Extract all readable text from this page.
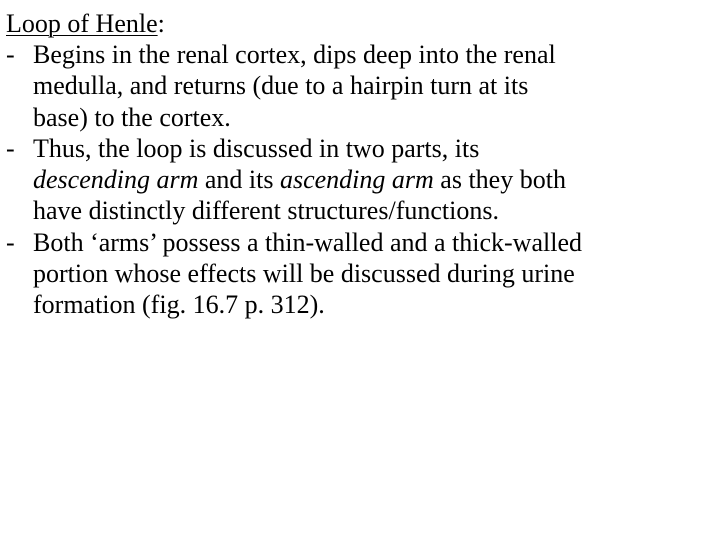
Loop of Henle:

- Begins in the renal cortex, dips deep into the renal
medulla, and returns (due to a hairpin turn at its
base) to the cortex.
- Thus, the loop is discussed in two parts, its
descending arm and its ascending arm as they both
have distinctly different structures/functions.
- Both ‘arms’ possess a thin-walled and a thick-walled
portion whose effects will be discussed during urine
formation (fig. 16.7 p. 312).
